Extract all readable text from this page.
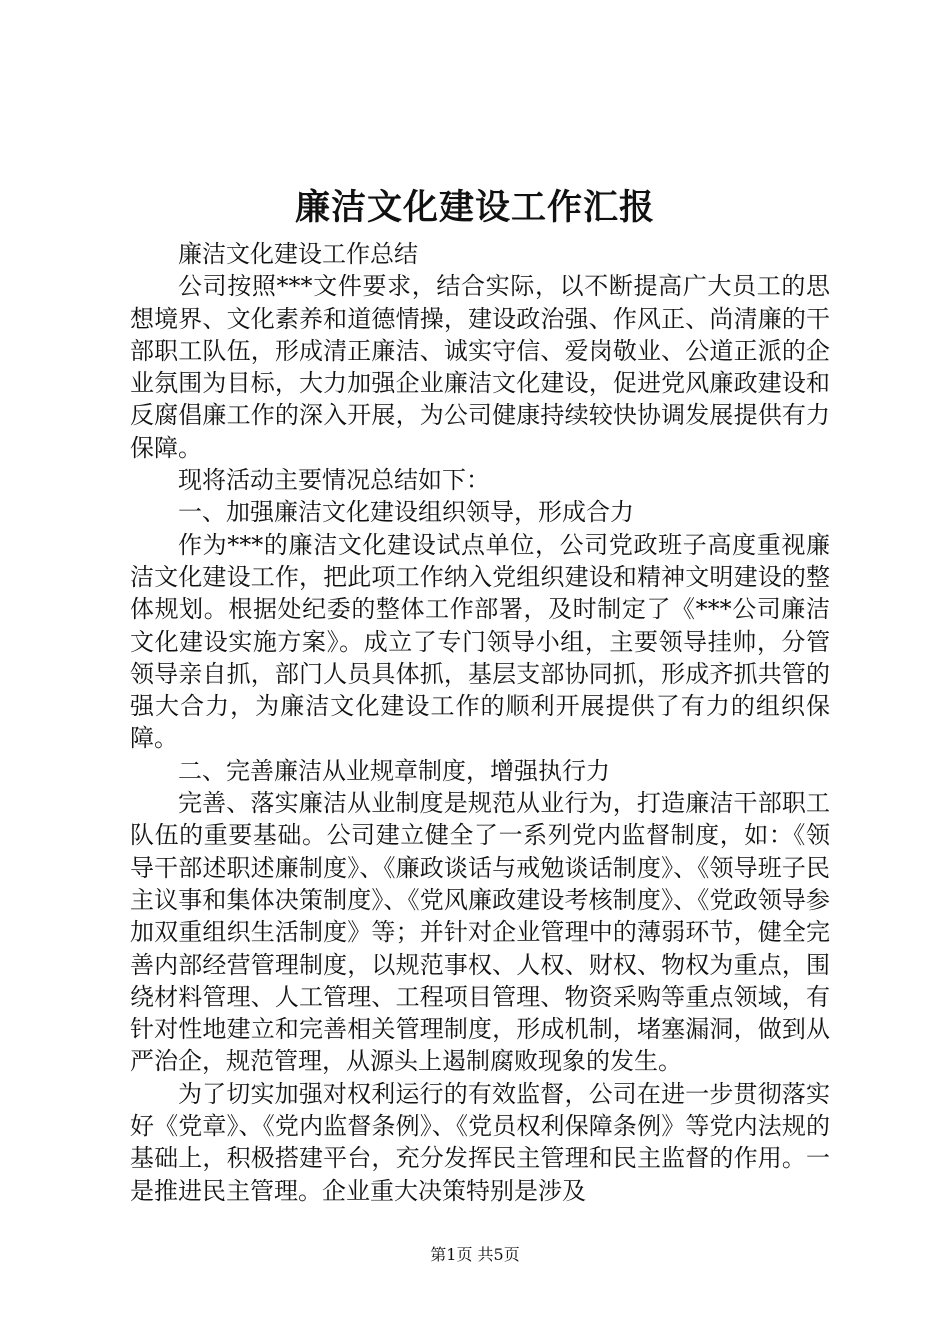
廉洁文化建设工作汇报

廉洁文化建设工作总结

公司按照***文件要求，结合实际，以不断提高广大员工的思想境界、文化素养和道德情操，建设政治强、作风正、尚清廉的干部职工队伍，形成清正廉洁、诚实守信、爱岗敬业、公道正派的企业氛围为目标，大力加强企业廉洁文化建设，促进党风廉政建设和反腐倡廉工作的深入开展，为公司健康持续较快协调发展提供有力保障。

现将活动主要情况总结如下：

一、加强廉洁文化建设组织领导，形成合力

作为***的廉洁文化建设试点单位，公司党政班子高度重视廉洁文化建设工作，把此项工作纳入党组织建设和精神文明建设的整体规划。根据处纪委的整体工作部署，及时制定了《***公司廉洁文化建设实施方案》。成立了专门领导小组，主要领导挂帅，分管领导亲自抓，部门人员具体抓，基层支部协同抓，形成齐抓共管的强大合力，为廉洁文化建设工作的顺利开展提供了有力的组织保障。

二、完善廉洁从业规章制度，增强执行力

完善、落实廉洁从业制度是规范从业行为，打造廉洁干部职工队伍的重要基础。公司建立健全了一系列党内监督制度，如：《领导干部述职述廉制度》、《廉政谈话与戒勉谈话制度》、《领导班子民主议事和集体决策制度》、《党风廉政建设考核制度》、《党政领导参加双重组织生活制度》等；并针对企业管理中的薄弱环节，健全完善内部经营管理制度，以规范事权、人权、财权、物权为重点，围绕材料管理、人工管理、工程项目管理、物资采购等重点领域，有针对性地建立和完善相关管理制度，形成机制，堵塞漏洞，做到从严治企，规范管理，从源头上遏制腐败现象的发生。

为了切实加强对权利运行的有效监督，公司在进一步贯彻落实好《党章》、《党内监督条例》、《党员权利保障条例》等党内法规的基础上，积极搭建平台，充分发挥民主管理和民主监督的作用。一是推进民主管理。企业重大决策特别是涉及

第1页 共5页
